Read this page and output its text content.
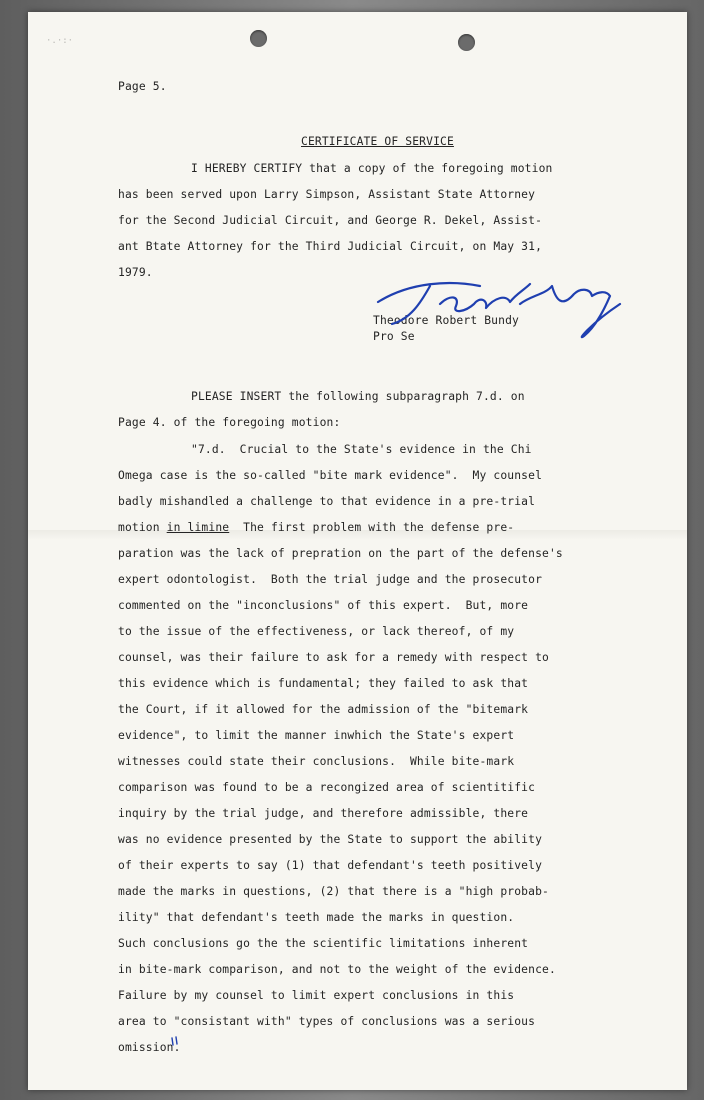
·.·:·
Page 5.
CERTIFICATE OF SERVICE
I HEREBY CERTIFY that a copy of the foregoing motion
has been served upon Larry Simpson, Assistant State Attorney
for the Second Judicial Circuit, and George R. Dekel, Assist-
ant Btate Attorney for the Third Judicial Circuit, on May 31,
1979.
Theodore Robert Bundy
Pro Se
PLEASE INSERT the following subparagraph 7.d. on
Page 4. of the foregoing motion:
"7.d.  Crucial to the State's evidence in the Chi
Omega case is the so-called "bite mark evidence".  My counsel
badly mishandled a challenge to that evidence in a pre-trial
motion in limine  The first problem with the defense pre-
paration was the lack of prepration on the part of the defense's
expert odontologist.  Both the trial judge and the prosecutor
commented on the "inconclusions" of this expert.  But, more
to the issue of the effectiveness, or lack thereof, of my
counsel, was their failure to ask for a remedy with respect to
this evidence which is fundamental; they failed to ask that
the Court, if it allowed for the admission of the "bitemark
evidence", to limit the manner inwhich the State's expert
witnesses could state their conclusions.  While bite-mark
comparison was found to be a recongized area of scientitific
inquiry by the trial judge, and therefore admissible, there
was no evidence presented by the State to support the ability
of their experts to say (1) that defendant's teeth positively
made the marks in questions, (2) that there is a "high probab-
ility" that defendant's teeth made the marks in question.
Such conclusions go the the scientific limitations inherent
in bite-mark comparison, and not to the weight of the evidence.
Failure by my counsel to limit expert conclusions in this
area to "consistant with" types of conclusions was a serious
omission.
